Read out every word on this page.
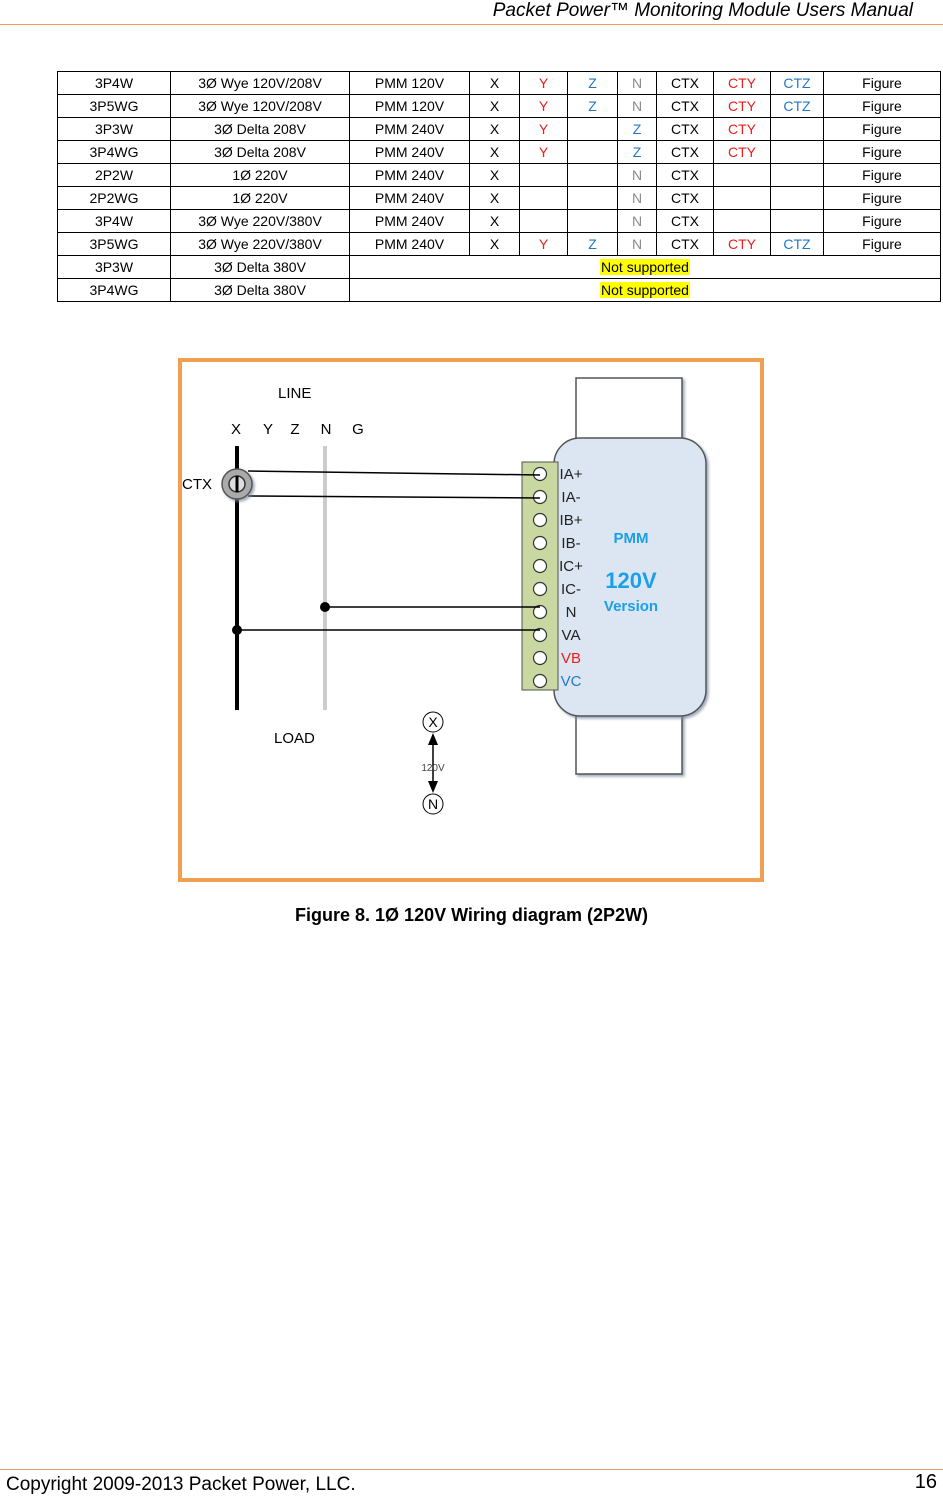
Packet Power™ Monitoring Module Users Manual
3P4W	3Ø Wye 120V/208V	PMM 120V	X	Y	Z	N	CTX	CTY	CTZ	Figure
3P5WG	3Ø Wye 120V/208V	PMM 120V	X	Y	Z	N	CTX	CTY	CTZ	Figure
3P3W	3Ø Delta 208V	PMM 240V	X	Y		Z	CTX	CTY		Figure
3P4WG	3Ø Delta 208V	PMM 240V	X	Y		Z	CTX	CTY		Figure
2P2W	1Ø 220V	PMM 240V	X			N	CTX			Figure
2P2WG	1Ø 220V	PMM 240V	X			N	CTX			Figure
3P4W	3Ø Wye 220V/380V	PMM 240V	X			N	CTX			Figure
3P5WG	3Ø Wye 220V/380V	PMM 240V	X	Y	Z	N	CTX	CTY	CTZ	Figure
3P3W	3Ø Delta 380V	Not supported								
3P4WG	3Ø Delta 380V	Not supported								
PMM
120V
Version
IA+
IA-
IB+
IB-
IC+
IC-
N
VA
VB
VC
LINE
X Y Z N G
CTX
LOAD
X
N
120V
Figure 8. 1Ø 120V Wiring diagram (2P2W)
Copyright 2009-2013 Packet Power, LLC.	16
